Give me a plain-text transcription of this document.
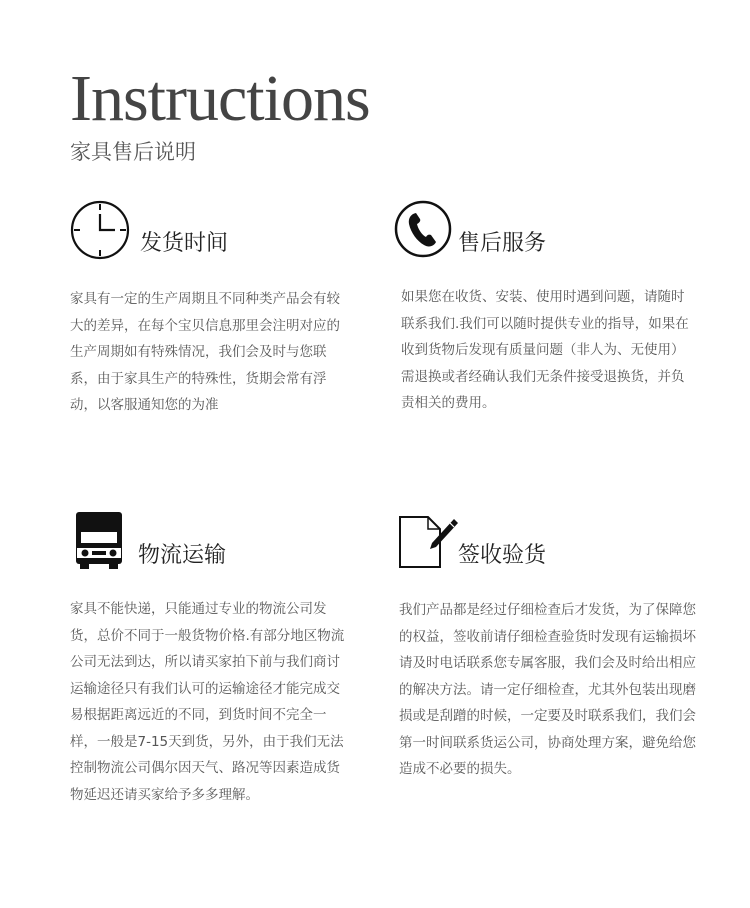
Instructions
家具售后说明
发货时间
家具有一定的生产周期且不同种类产品会有较大的差异，在每个宝贝信息那里会注明对应的生产周期如有特殊情况，我们会及时与您联系，由于家具生产的特殊性，货期会常有浮动，以客服通知您的为准
售后服务
如果您在收货、安装、使用时遇到问题，请随时联系我们.我们可以随时提供专业的指导，如果在收到货物后发现有质量问题（非人为、无使用）需退换或者经确认我们无条件接受退换货，并负责相关的费用。
物流运输
家具不能快递，只能通过专业的物流公司发货，总价不同于一般货物价格.有部分地区物流公司无法到达，所以请买家拍下前与我们商讨运输途径只有我们认可的运输途径才能完成交易根据距离远近的不同，到货时间不完全一样，一般是7-15天到货，另外，由于我们无法控制物流公司偶尔因天气、路况等因素造成货物延迟还请买家给予多多理解。
签收验货
我们产品都是经过仔细检查后才发货，为了保障您的权益，签收前请仔细检查验货时发现有运输损坏请及时电话联系您专属客服，我们会及时给出相应的解决方法。请一定仔细检查，尤其外包装出现磨损或是刮蹭的时候，一定要及时联系我们，我们会第一时间联系货运公司，协商处理方案，避免给您造成不必要的损失。
